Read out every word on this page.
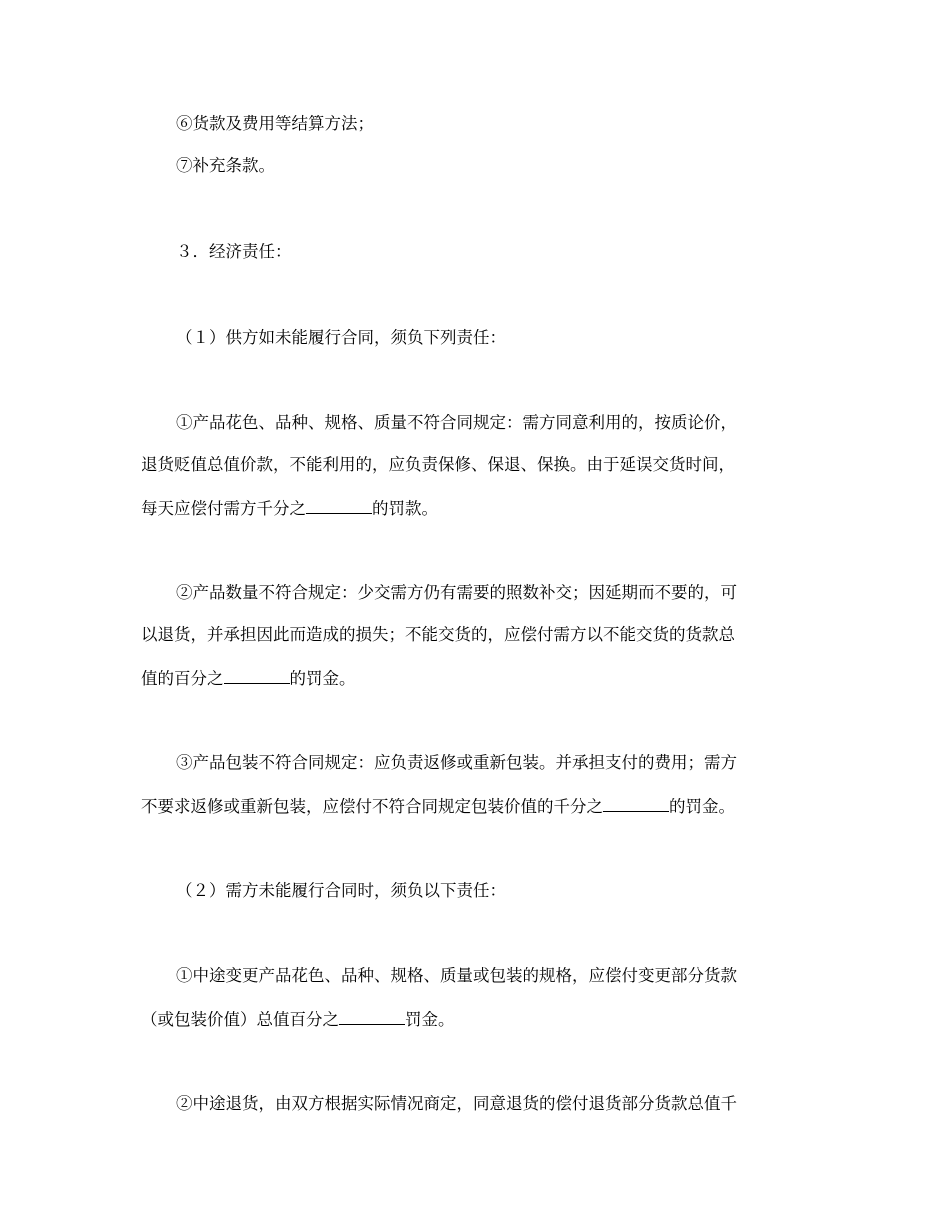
⑥货款及费用等结算方法；
⑦补充条款。
３．经济责任：
（１）供方如未能履行合同，须负下列责任：
①产品花色、品种、规格、质量不符合同规定：需方同意利用的，按质论价，
退货贬值总值价款，不能利用的，应负责保修、保退、保换。由于延误交货时间，
每天应偿付需方千分之	的罚款。
②产品数量不符合规定：少交需方仍有需要的照数补交；因延期而不要的，可
以退货，并承担因此而造成的损失；不能交货的，应偿付需方以不能交货的货款总
值的百分之	的罚金。
③产品包装不符合同规定：应负责返修或重新包装。并承担支付的费用；需方
不要求返修或重新包装，应偿付不符合同规定包装价值的千分之	的罚金。
（２）需方未能履行合同时，须负以下责任：
①中途变更产品花色、品种、规格、质量或包装的规格，应偿付变更部分货款
（或包装价值）总值百分之	罚金。
②中途退货，由双方根据实际情况商定，同意退货的偿付退货部分货款总值千
